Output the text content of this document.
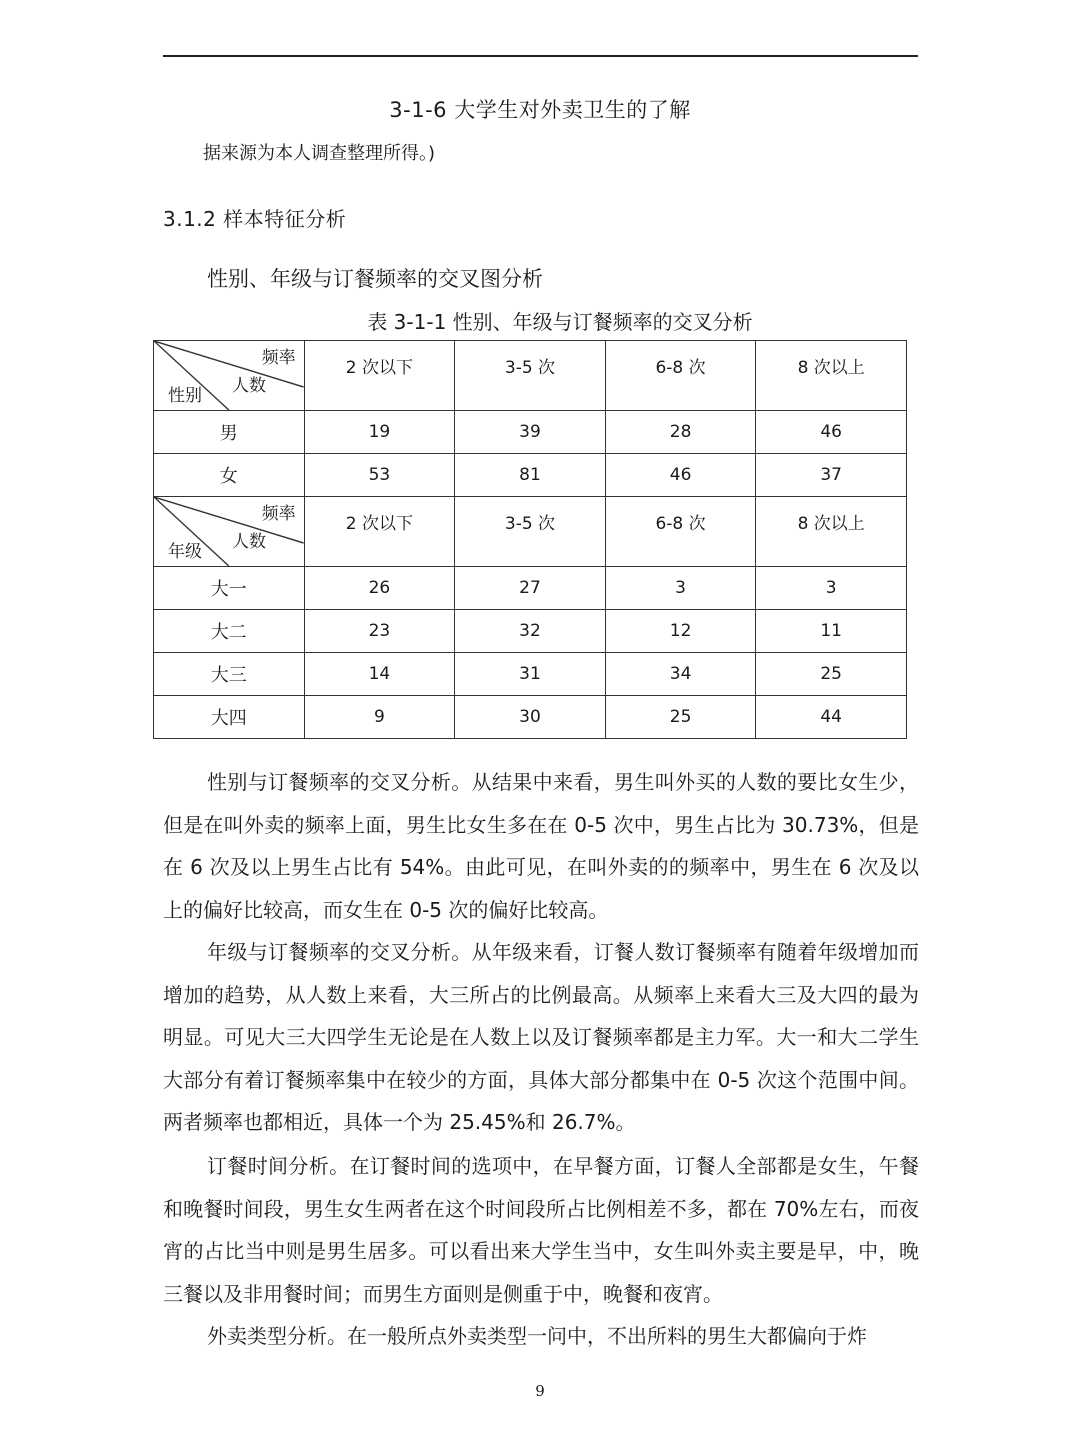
3-1-6 大学生对外卖卫生的了解
据来源为本人调查整理所得。)
3.1.2 样本特征分析
性别、年级与订餐频率的交叉图分析
表 3-1-1 性别、年级与订餐频率的交叉分析
频率
人数
性别	2 次以下	3-5 次	6-8 次	8 次以上
男	19	39	28	46
女	53	81	46	37

频率
人数
年级	2 次以下	3-5 次	6-8 次	8 次以上
大一	26	27	3	3
大二	23	32	12	11
大三	14	31	34	25
大四	9	30	25	44

性别与订餐频率的交叉分析。从结果中来看，男生叫外买的人数的要比女生少，但是在叫外卖的频率上面，男生比女生多在在 0-5 次中，男生占比为 30.73%，但是在 6 次及以上男生占比有 54%。由此可见，在叫外卖的的频率中，男生在 6 次及以上的偏好比较高，而女生在 0-5 次的偏好比较高。

年级与订餐频率的交叉分析。从年级来看，订餐人数订餐频率有随着年级增加而增加的趋势，从人数上来看，大三所占的比例最高。从频率上来看大三及大四的最为明显。可见大三大四学生无论是在人数上以及订餐频率都是主力军。大一和大二学生大部分有着订餐频率集中在较少的方面，具体大部分都集中在 0-5 次这个范围中间。两者频率也都相近，具体一个为 25.45%和 26.7%。

订餐时间分析。在订餐时间的选项中，在早餐方面，订餐人全部都是女生，午餐和晚餐时间段，男生女生两者在这个时间段所占比例相差不多，都在 70%左右，而夜宵的占比当中则是男生居多。可以看出来大学生当中，女生叫外卖主要是早，中，晚三餐以及非用餐时间；而男生方面则是侧重于中，晚餐和夜宵。

外卖类型分析。在一般所点外卖类型一问中，不出所料的男生大都偏向于炸

9
